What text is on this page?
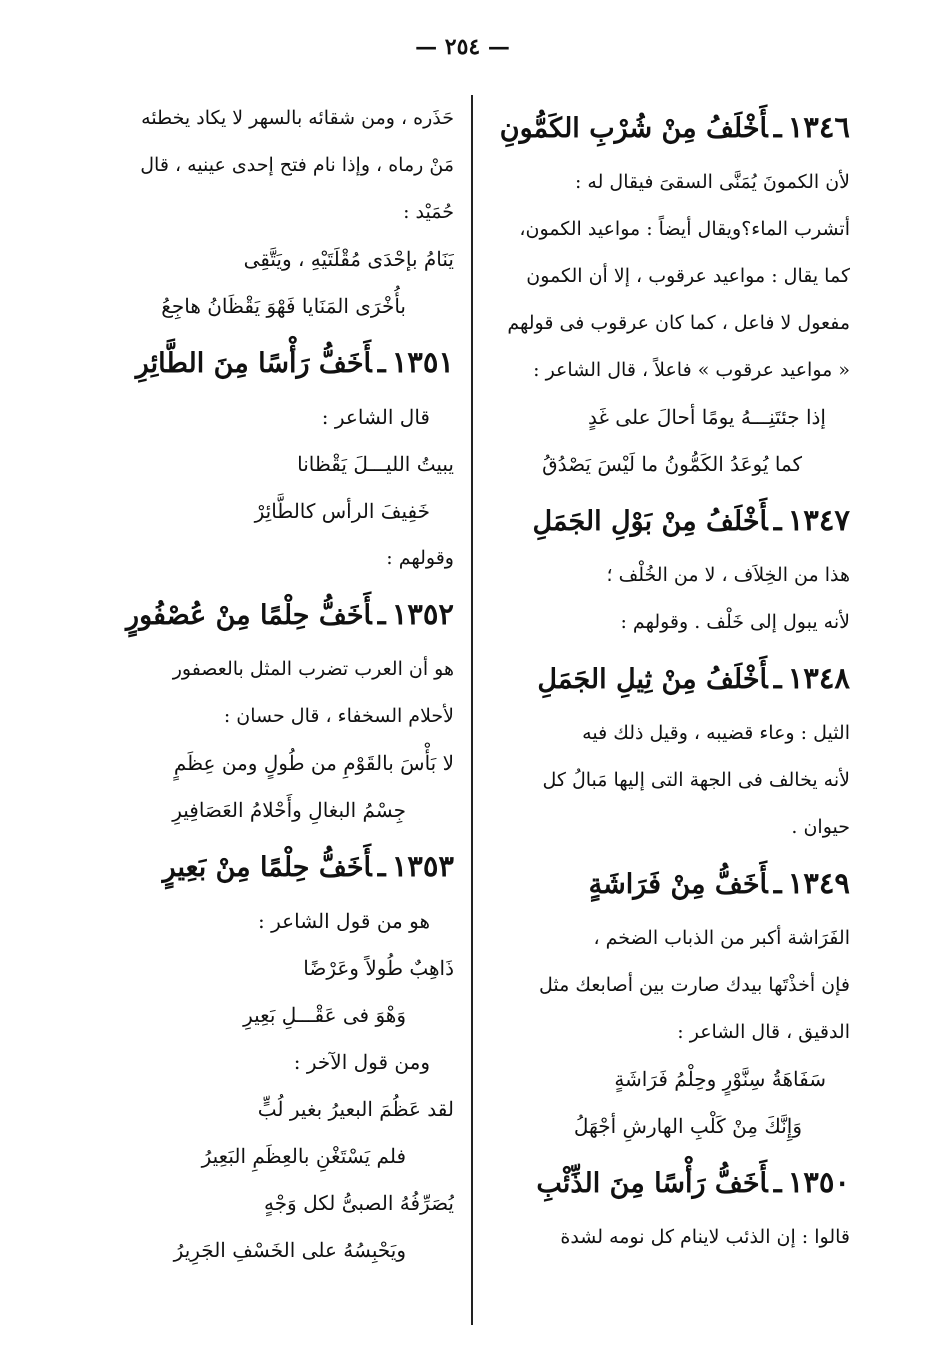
— ٢٥٤ —
١٣٤٦ـأَخْلَفُ مِنْ شُرْبِ الكَمُّونِ
لأن الكمونَ يُمَنَّى السقىَ فيقال له :
أتشرب الماء؟ويقال أيضاً : مواعيد الكمون،
كما يقال : مواعيد عرقوب ، إلا أن الكمون
مفعول لا فاعل ، كما كان عرقوب فى قولهم
« مواعيد عرقوب » فاعلاً ، قال الشاعر :
إذا جئتَنِـــهُ يومًا أحالَ على غَدٍ
كما يُوعَدُ الكَمُّونُ ما لَيْسَ يَصْدُقُ
١٣٤٧ـأَخْلَفُ مِنْ بَوْلِ الجَمَلِ
هذا من الخِلاَف ، لا من الخُلْف ؛
لأنه يبول إلى خَلْف . وقولهم :
١٣٤٨ـأَخْلَفُ مِنْ ثِيلِ الجَمَلِ
الثيل : وعاء قضيبه ، وقيل ذلك فيه
لأنه يخالف فى الجهة التى إليها مَبالُ كل
حيوان .
١٣٤٩ـأَخَفُّ مِنْ فَرَاشَةٍ
الفَرَاشة أكبر من الذباب الضخم ،
فإن أخذْتَها بيدك صارت بين أصابعك مثل
الدقيق ، قال الشاعر :
سَفَاهَةُ سِنَّوْرٍ وحِلْمُ فَرَاشَةٍ
وَإِنَّكَ مِنْ كَلْبِ الهارشِ أجْهَلُ
١٣٥٠ـأَخَفُّ رَأْسًا مِنَ الذِّئْبِ
قالوا : إن الذئب لاينام كل نومه لشدة
حَذَره ، ومن شقائه بالسهر لا يكاد يخطئه
مَنْ رماه ، وإذا نام فتح إحدى عينيه ، قال
حُمَيْد :
يَنَامُ بإحْدَى مُقْلَتَيْهِ ، ويَتَّقِى
بأُخْرَى المَنَايا فَهْوَ يَقْظَانُ هاجِعُ
١٣٥١ـأَخَفُّ رَأْسًا مِنَ الطَّائِرِ
قال الشاعر :
يبيتُ الليـــلَ يَقْظانا
خَفِيفَ الرأس كالطَّائِرْ
وقولهم :
١٣٥٢ـأَخَفُّ حِلْمًا مِنْ عُصْفُورٍ
هو أن العرب تضرب المثل بالعصفور
لأحلام السخفاء ، قال حسان :
لا بَأْسَ بالقَوْمِ من طُولٍ ومن عِظَمٍ
جِسْمُ البغالِ وأَحْلامُ العَصَافِيرِ
١٣٥٣ـأَخَفُّ حِلْمًا مِنْ بَعِيرٍ
هو من قول الشاعر :
ذَاهِبٌ طُولاً وعَرْضًا
وَهْوَ فى عَقْـــلِ بَعِيرِ
ومن قول الآخر :
لقد عَظُمَ البعيرُ بغير لُبٍّ
فلم يَسْتَغْنِ بالعِظَمِ البَعِيرُ
يُصَرِّفُهُ الصبىُّ لكل وَجْهٍ
ويَحْبِسُهُ على الخَسْفِ الجَرِيرُ
